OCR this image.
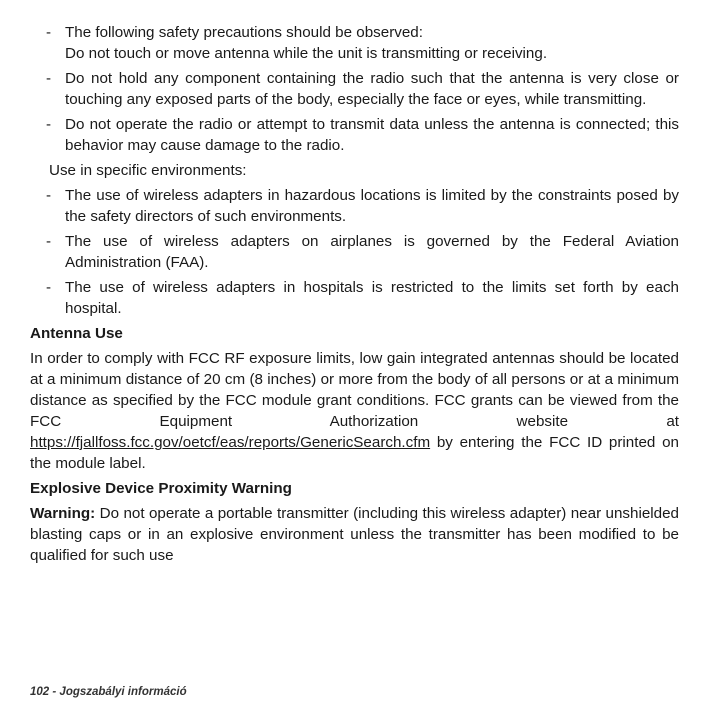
- The following safety precautions should be observed:
Do not touch or move antenna while the unit is transmitting or receiving.
- Do not hold any component containing the radio such that the antenna is very close or touching any exposed parts of the body, especially the face or eyes, while transmitting.
- Do not operate the radio or attempt to transmit data unless the antenna is connected; this behavior may cause damage to the radio.
Use in specific environments:
- The use of wireless adapters in hazardous locations is limited by the constraints posed by the safety directors of such environments.
- The use of wireless adapters on airplanes is governed by the Federal Aviation Administration (FAA).
- The use of wireless adapters in hospitals is restricted to the limits set forth by each hospital.
Antenna Use

In order to comply with FCC RF exposure limits, low gain integrated antennas should be located at a minimum distance of 20 cm (8 inches) or more from the body of all persons or at a minimum distance as specified by the FCC module grant conditions. FCC grants can be viewed from the FCC Equipment Authorization website at https://fjallfoss.fcc.gov/oetcf/eas/reports/GenericSearch.cfm by entering the FCC ID printed on the module label.

Explosive Device Proximity Warning

Warning: Do not operate a portable transmitter (including this wireless adapter) near unshielded blasting caps or in an explosive environment unless the transmitter has been modified to be qualified for such use

102 - Jogszabályi információ
